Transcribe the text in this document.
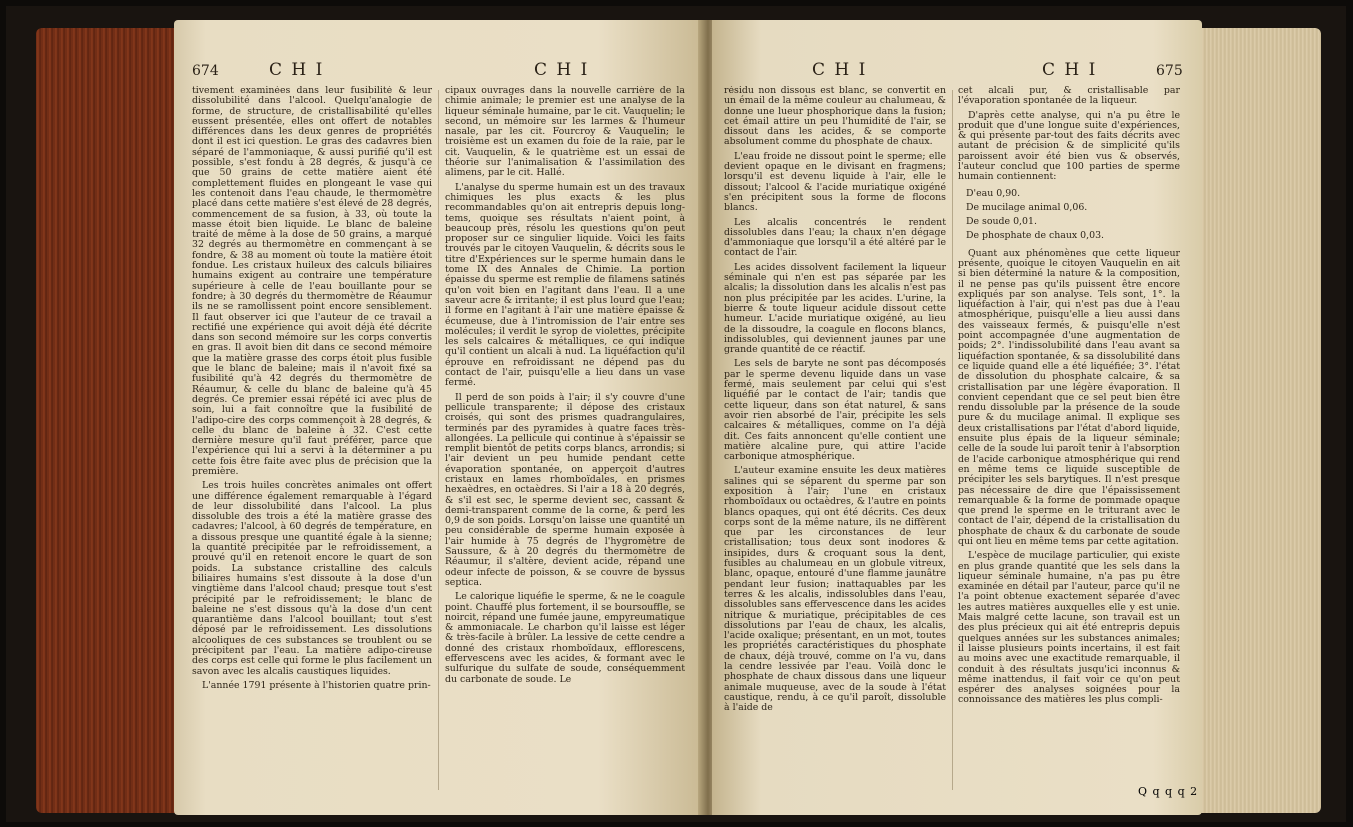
674	C H I	C H I

tivement examinées dans leur fusibilité & leur dissolubilité dans l'alcool. Quelqu'analogie de forme, de structure, de cristallisabilité qu'elles eussent présentée, elles ont offert de notables différences dans les deux genres de propriétés dont il est ici question. Le gras des cadavres bien séparé de l'ammoniaque, & aussi purifié qu'il est possible, s'est fondu à 28 degrés, & jusqu'à ce que 50 grains de cette matière aient été complettement fluides en plongeant le vase qui les contenoit dans l'eau chaude, le thermomètre placé dans cette matière s'est élevé de 28 degrés, commencement de sa fusion, à 33, où toute la masse étoit bien liquide. Le blanc de baleine traité de même à la dose de 50 grains, a marqué 32 degrés au thermomètre en commençant à se fondre, & 38 au moment où toute la matière étoit fondue. Les cristaux huileux des calculs biliaires humains exigent au contraire une température supérieure à celle de l'eau bouillante pour se fondre; à 30 degrés du thermomètre de Réaumur ils ne se ramollissent point encore sensiblement. Il faut observer ici que l'auteur de ce travail a rectifié une expérience qui avoit déjà été décrite dans son second mémoire sur les corps convertis en gras. Il avoit bien dit dans ce second mémoire que la matière grasse des corps étoit plus fusible que le blanc de baleine; mais il n'avoit fixé sa fusibilité qu'à 42 degrés du thermomètre de Réaumur, & celle du blanc de baleine qu'à 45 degrés. Ce premier essai répété ici avec plus de soin, lui a fait connoître que la fusibilité de l'adipo-cire des corps commençoit à 28 degrés, & celle du blanc de baleine à 32. C'est cette dernière mesure qu'il faut préférer, parce que l'expérience qui lui a servi à la déterminer a pu cette fois être faite avec plus de précision que la première.

Les trois huiles concrètes animales ont offert une différence également remarquable à l'égard de leur dissolubilité dans l'alcool. La plus dissoluble des trois a été la matière grasse des cadavres; l'alcool, à 60 degrés de température, en a dissous presque une quantité égale à la sienne; la quantité précipitée par le refroidissement, a prouvé qu'il en retenoit encore le quart de son poids. La substance cristalline des calculs biliaires humains s'est dissoute à la dose d'un vingtième dans l'alcool chaud; presque tout s'est précipité par le refroidissement; le blanc de baleine ne s'est dissous qu'à la dose d'un cent quarantième dans l'alcool bouillant; tout s'est déposé par le refroidissement. Les dissolutions alcooliques de ces substances se troublent ou se précipitent par l'eau. La matière adipo-cireuse des corps est celle qui forme le plus facilement un savon avec les alcalis caustiques liquides.

L'année 1791 présente à l'historien quatre prin-

cipaux ouvrages dans la nouvelle carrière de la chimie animale; le premier est une analyse de la liqueur séminale humaine, par le cit. Vauquelin; le second, un mémoire sur les larmes & l'humeur nasale, par les cit. Fourcroy & Vauquelin; le troisième est un examen du foie de la raie, par le cit. Vauquelin, & le quatrième est un essai de théorie sur l'animalisation & l'assimilation des alimens, par le cit. Hallé.

L'analyse du sperme humain est un des travaux chimiques les plus exacts & les plus recommandables qu'on ait entrepris depuis long-tems, quoique ses résultats n'aient point, à beaucoup près, résolu les questions qu'on peut proposer sur ce singulier liquide. Voici les faits trouvés par le citoyen Vauquelin, & décrits sous le titre d'Expériences sur le sperme humain dans le tome IX des Annales de Chimie. La portion épaisse du sperme est remplie de filamens satinés qu'on voit bien en l'agitant dans l'eau. Il a une saveur acre & irritante; il est plus lourd que l'eau; il forme en l'agitant à l'air une matière épaisse & écumeuse, due à l'intromission de l'air entre ses molécules; il verdit le syrop de violettes, précipite les sels calcaires & métalliques, ce qui indique qu'il contient un alcali à nud. La liquéfaction qu'il éprouve en refroidissant ne dépend pas du contact de l'air, puisqu'elle a lieu dans un vase fermé.

Il perd de son poids à l'air; il s'y couvre d'une pellicule transparente; il dépose des cristaux croisés, qui sont des prismes quadrangulaires, terminés par des pyramides à quatre faces très-allongées. La pellicule qui continue à s'épaissir se remplit bientôt de petits corps blancs, arrondis; si l'air devient un peu humide pendant cette évaporation spontanée, on apperçoit d'autres cristaux en lames rhomboïdales, en prismes hexaèdres, en octaèdres. Si l'air a 18 à 20 degrés, & s'il est sec, le sperme devient sec, cassant & demi-transparent comme de la corne, & perd les 0,9 de son poids. Lorsqu'on laisse une quantité un peu considérable de sperme humain exposée à l'air humide à 75 degrés de l'hygromètre de Saussure, & à 20 degrés du thermomètre de Réaumur, il s'altère, devient acide, répand une odeur infecte de poisson, & se couvre de byssus septica.

Le calorique liquéfie le sperme, & ne le coagule point. Chauffé plus fortement, il se boursouffle, se noircit, répand une fumée jaune, empyreumatique & ammoniacale. Le charbon qu'il laisse est léger & très-facile à brûler. La lessive de cette cendre a donné des cristaux rhomboïdaux, efflorescens, effervescens avec les acides, & formant avec le sulfurique du sulfate de soude, conséquemment du carbonate de soude. Le

C H I	C H I	675

résidu non dissous est blanc, se convertit en un émail de la même couleur au chalumeau, & donne une lueur phosphorique dans la fusion; cet émail attire un peu l'humidité de l'air, se dissout dans les acides, & se comporte absolument comme du phosphate de chaux.

L'eau froide ne dissout point le sperme; elle devient opaque en le divisant en fragmens; lorsqu'il est devenu liquide à l'air, elle le dissout; l'alcool & l'acide muriatique oxigéné s'en précipitent sous la forme de flocons blancs.

Les alcalis concentrés le rendent dissolubles dans l'eau; la chaux n'en dégage d'ammoniaque que lorsqu'il a été altéré par le contact de l'air.

Les acides dissolvent facilement la liqueur séminale qui n'en est pas séparée par les alcalis; la dissolution dans les alcalis n'est pas non plus précipitée par les acides. L'urine, la bierre & toute liqueur acidule dissout cette humeur. L'acide muriatique oxigéné, au lieu de la dissoudre, la coagule en flocons blancs, indissolubles, qui deviennent jaunes par une grande quantité de ce réactif.

Les sels de baryte ne sont pas décomposés par le sperme devenu liquide dans un vase fermé, mais seulement par celui qui s'est liquéfié par le contact de l'air; tandis que cette liqueur, dans son état naturel, & sans avoir rien absorbé de l'air, précipite les sels calcaires & métalliques, comme on l'a déjà dit. Ces faits annoncent qu'elle contient une matière alcaline pure, qui attire l'acide carbonique atmosphérique.

L'auteur examine ensuite les deux matières salines qui se séparent du sperme par son exposition à l'air; l'une en cristaux rhomboïdaux ou octaèdres, & l'autre en points blancs opaques, qui ont été décrits. Ces deux corps sont de la même nature, ils ne diffèrent que par les circonstances de leur cristallisation; tous deux sont inodores & insipides, durs & croquant sous la dent, fusibles au chalumeau en un globule vitreux, blanc, opaque, entouré d'une flamme jaunâtre pendant leur fusion; inattaquables par les terres & les alcalis, indissolubles dans l'eau, dissolubles sans effervescence dans les acides nitrique & muriatique, précipitables de ces dissolutions par l'eau de chaux, les alcalis, l'acide oxalique; présentant, en un mot, toutes les propriétés caractéristiques du phosphate de chaux, déjà trouvé, comme on l'a vu, dans la cendre lessivée par l'eau. Voilà donc le phosphate de chaux dissous dans une liqueur animale muqueuse, avec de la soude à l'état caustique, rendu, à ce qu'il paroît, dissoluble à l'aide de

cet alcali pur, & cristallisable par l'évaporation spontanée de la liqueur.

D'après cette analyse, qui n'a pu être le produit que d'une longue suite d'expériences, & qui présente par-tout des faits décrits avec autant de précision & de simplicité qu'ils paroissent avoir été bien vus & observés, l'auteur conclud que 100 parties de sperme humain contiennent:

D'eau 0,90.
De mucilage animal 0,06.
De soude 0,01.
De phosphate de chaux 0,03.

Quant aux phénomènes que cette liqueur présente, quoique le citoyen Vauquelin en ait si bien déterminé la nature & la composition, il ne pense pas qu'ils puissent être encore expliqués par son analyse. Tels sont, 1°. la liquéfaction à l'air, qui n'est pas due à l'eau atmosphérique, puisqu'elle a lieu aussi dans des vaisseaux fermés, & puisqu'elle n'est point accompagnée d'une augmentation de poids; 2°. l'indissolubilité dans l'eau avant sa liquéfaction spontanée, & sa dissolubilité dans ce liquide quand elle a été liquéfiée; 3°. l'état de dissolution du phosphate calcaire, & sa cristallisation par une légère évaporation. Il convient cependant que ce sel peut bien être rendu dissoluble par la présence de la soude pure & du mucilage animal. Il explique ses deux cristallisations par l'état d'abord liquide, ensuite plus épais de la liqueur séminale; celle de la soude lui paroît tenir à l'absorption de l'acide carbonique atmosphérique qui rend en même tems ce liquide susceptible de précipiter les sels barytiques. Il n'est presque pas nécessaire de dire que l'épaississement remarquable & la forme de pommade opaque que prend le sperme en le triturant avec le contact de l'air, dépend de la cristallisation du phosphate de chaux & du carbonate de soude qui ont lieu en même tems par cette agitation.

L'espèce de mucilage particulier, qui existe en plus grande quantité que les sels dans la liqueur séminale humaine, n'a pas pu être examinée en détail par l'auteur, parce qu'il ne l'a point obtenue exactement séparée d'avec les autres matières auxquelles elle y est unie. Mais malgré cette lacune, son travail est un des plus précieux qui ait été entrepris depuis quelques années sur les substances animales; il laisse plusieurs points incertains, il est fait au moins avec une exactitude remarquable, il conduit à des résultats jusqu'ici inconnus & même inattendus, il fait voir ce qu'on peut espérer des analyses soignées pour la connoissance des matières les plus compli-

Q q q q 2
